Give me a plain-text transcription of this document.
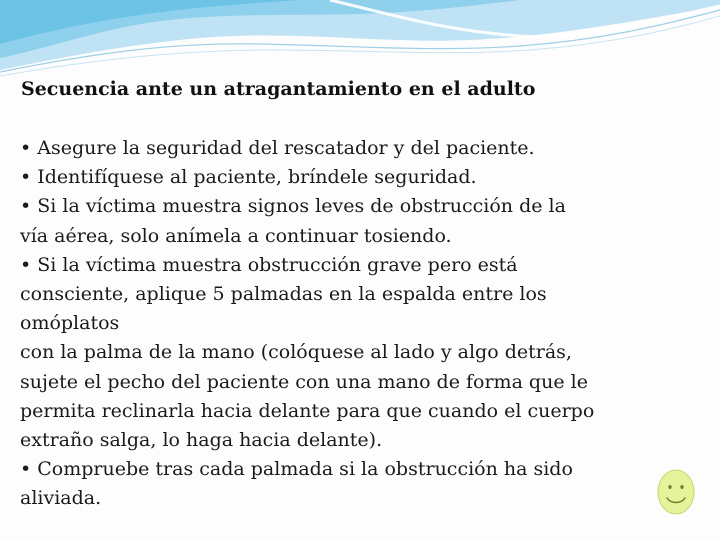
Secuencia ante un atragantamiento en el adulto
• Asegure la seguridad del rescatador y del paciente.
• Identifíquese al paciente, bríndele seguridad.
• Si la víctima muestra signos leves de obstrucción de la
vía aérea, solo anímela a continuar tosiendo.
• Si la víctima muestra obstrucción grave pero está
consciente, aplique 5 palmadas en la espalda entre los
omóplatos
con la palma de la mano (colóquese al lado y algo detrás,
sujete el pecho del paciente con una mano de forma que le
permita reclinarla hacia delante para que cuando el cuerpo
extraño salga, lo haga hacia delante).
• Compruebe tras cada palmada si la obstrucción ha sido
aliviada.
